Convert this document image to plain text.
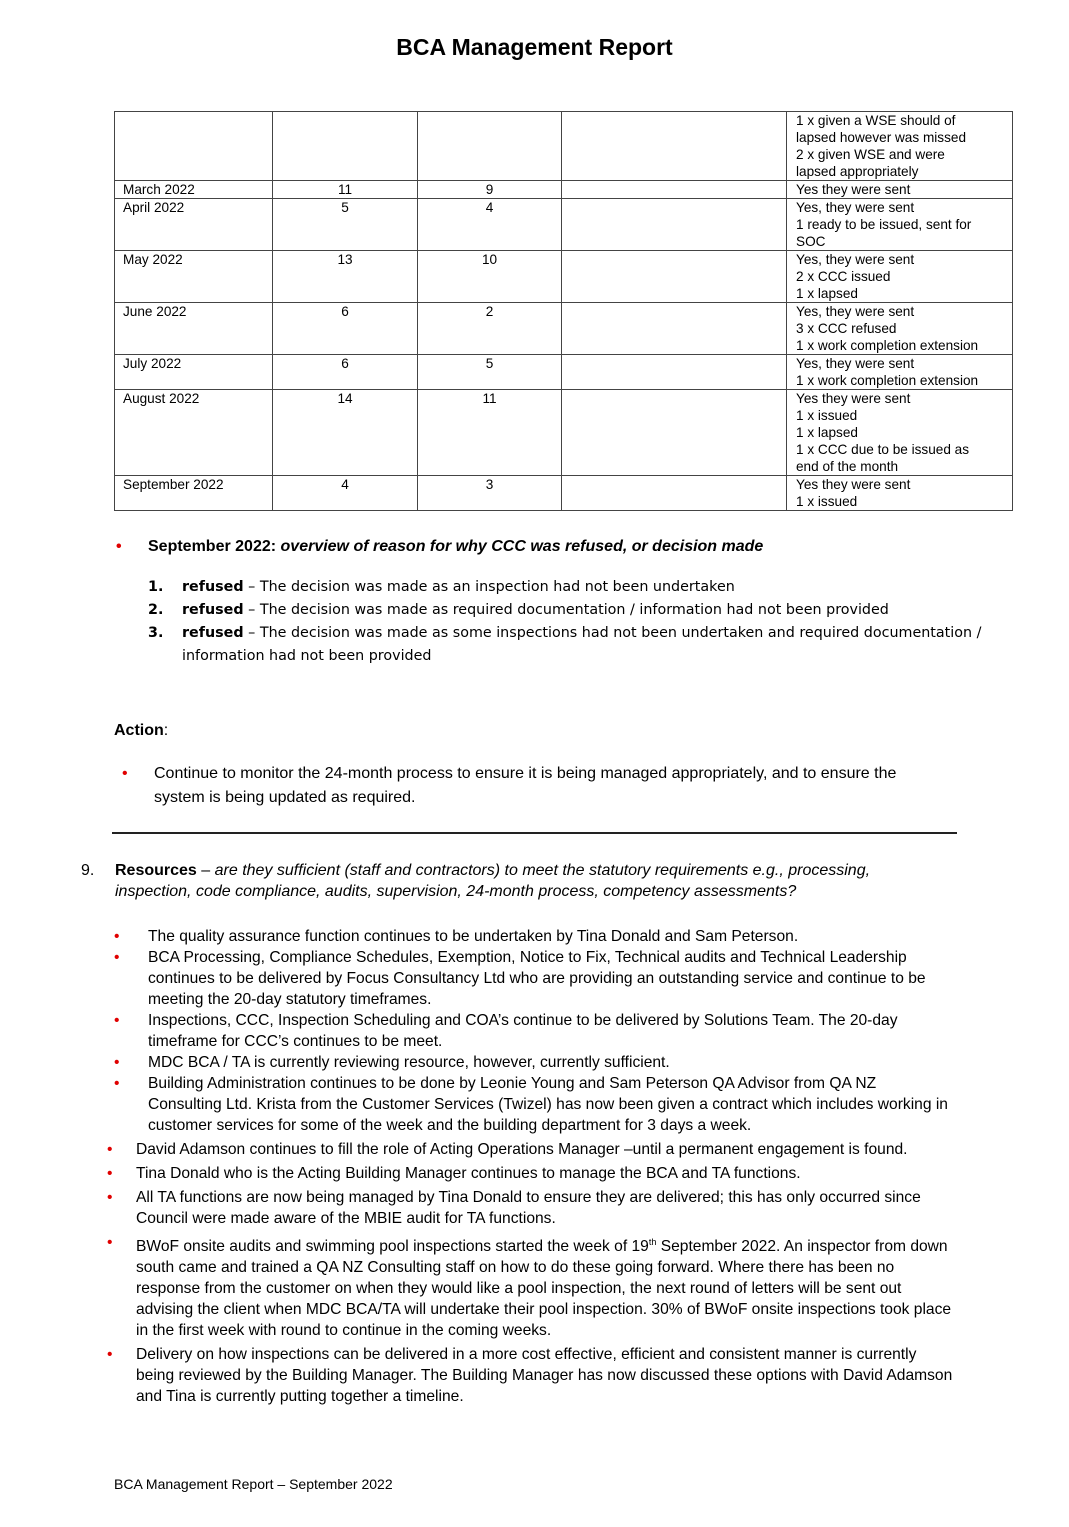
BCA Management Report

				1 x given a WSE should of
lapsed however was missed
2 x given WSE and were
lapsed appropriately

March 2022	11	9		Yes they were sent

April 2022	5	4		Yes, they were sent
1 ready to be issued, sent for
SOC

May 2022	13	10		Yes, they were sent
2 x CCC issued
1 x lapsed

June 2022	6	2		Yes, they were sent
3 x CCC refused
1 x work completion extension

July 2022	6	5		Yes, they were sent
1 x work completion extension

August 2022	14	11		Yes they were sent
1 x issued
1 x lapsed
1 x CCC due to be issued as
end of the month

September 2022	4	3		Yes they were sent
1 x issued
• September 2022: overview of reason for why CCC was refused, or decision made
1. refused – The decision was made as an inspection had not been undertaken
2. refused – The decision was made as required documentation / information had not been provided
3. refused – The decision was made as some inspections had not been undertaken and required documentation / information had not been provided
Action:
• Continue to monitor the 24-month process to ensure it is being managed appropriately, and to ensure the system is being updated as required.
9. Resources – are they sufficient (staff and contractors) to meet the statutory requirements e.g., processing, inspection, code compliance, audits, supervision, 24-month process, competency assessments?
• The quality assurance function continues to be undertaken by Tina Donald and Sam Peterson.
• BCA Processing, Compliance Schedules, Exemption, Notice to Fix, Technical audits and Technical Leadership continues to be delivered by Focus Consultancy Ltd who are providing an outstanding service and continue to be meeting the 20-day statutory timeframes.
• Inspections, CCC, Inspection Scheduling and COA’s continue to be delivered by Solutions Team. The 20-day timeframe for CCC’s continues to be meet.
• MDC BCA / TA is currently reviewing resource, however, currently sufficient.
• Building Administration continues to be done by Leonie Young and Sam Peterson QA Advisor from QA NZ Consulting Ltd. Krista from the Customer Services (Twizel) has now been given a contract which includes working in customer services for some of the week and the building department for 3 days a week.
• David Adamson continues to fill the role of Acting Operations Manager –until a permanent engagement is found.
• Tina Donald who is the Acting Building Manager continues to manage the BCA and TA functions.
• All TA functions are now being managed by Tina Donald to ensure they are delivered; this has only occurred since Council were made aware of the MBIE audit for TA functions.
• BWoF onsite audits and swimming pool inspections started the week of 19th September 2022. An inspector from down south came and trained a QA NZ Consulting staff on how to do these going forward. Where there has been no response from the customer on when they would like a pool inspection, the next round of letters will be sent out advising the client when MDC BCA/TA will undertake their pool inspection. 30% of BWoF onsite inspections took place in the first week with round to continue in the coming weeks.
• Delivery on how inspections can be delivered in a more cost effective, efficient and consistent manner is currently being reviewed by the Building Manager. The Building Manager has now discussed these options with David Adamson and Tina is currently putting together a timeline.
BCA Management Report – September 2022
